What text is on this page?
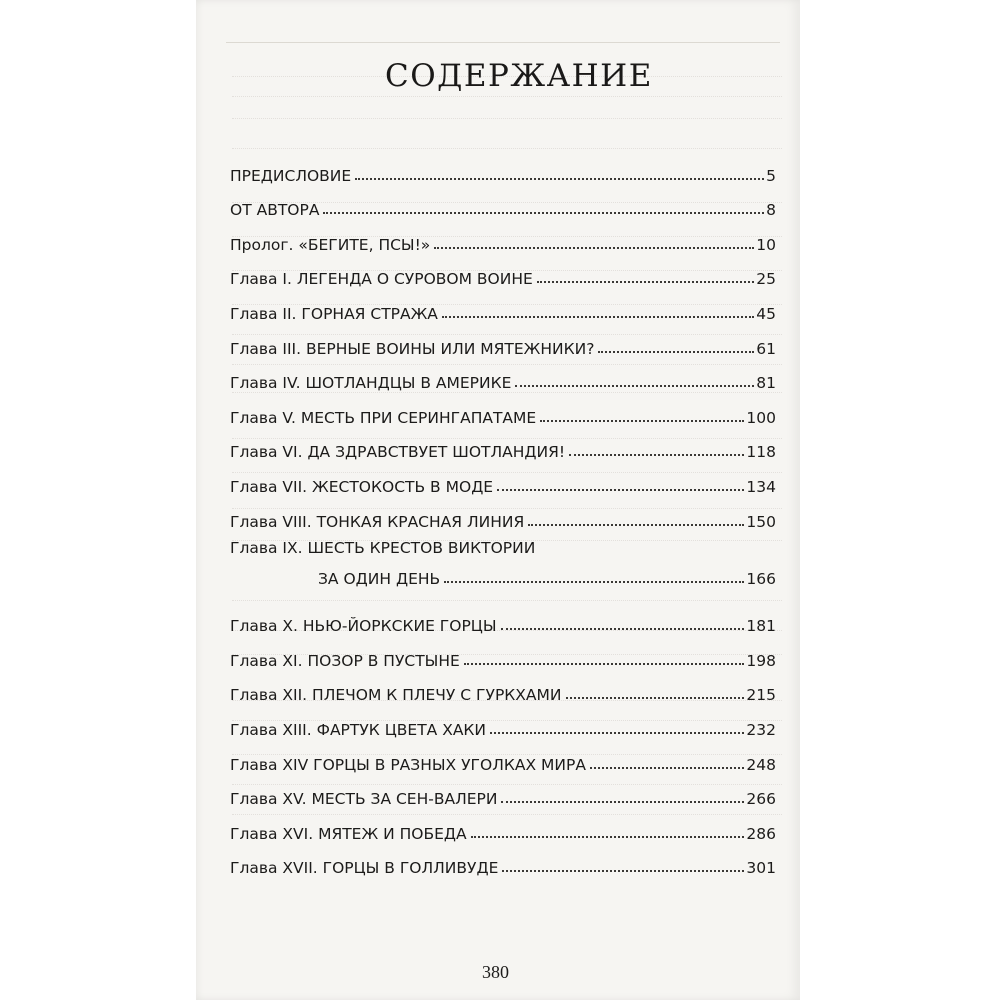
СОДЕРЖАНИЕ
ПРЕДИСЛОВИЕ	5
ОТ АВТОРА	8
Пролог. «БЕГИТЕ, ПСЫ!»	10
Глава I. ЛЕГЕНДА О СУРОВОМ ВОИНЕ	25
Глава II. ГОРНАЯ СТРАЖА	45
Глава III. ВЕРНЫЕ ВОИНЫ ИЛИ МЯТЕЖНИКИ?	61
Глава IV. ШОТЛАНДЦЫ В АМЕРИКЕ	81
Глава V. МЕСТЬ ПРИ СЕРИНГАПАТАМЕ	100
Глава VI. ДА ЗДРАВСТВУЕТ ШОТЛАНДИЯ!	118
Глава VII. ЖЕСТОКОСТЬ В МОДЕ	134
Глава VIII. ТОНКАЯ КРАСНАЯ ЛИНИЯ	150
Глава IX. ШЕСТЬ КРЕСТОВ ВИКТОРИИ
ЗА ОДИН ДЕНЬ	166
Глава X. НЬЮ-ЙОРКСКИЕ ГОРЦЫ	181
Глава XI. ПОЗОР В ПУСТЫНЕ	198
Глава XII. ПЛЕЧОМ К ПЛЕЧУ С ГУРКХАМИ	215
Глава XIII. ФАРТУК ЦВЕТА ХАКИ	232
Глава XIV ГОРЦЫ В РАЗНЫХ УГОЛКАХ МИРА	248
Глава XV. МЕСТЬ ЗА СЕН-ВАЛЕРИ	266
Глава XVI. МЯТЕЖ И ПОБЕДА	286
Глава XVII. ГОРЦЫ В ГОЛЛИВУДЕ	301
380
